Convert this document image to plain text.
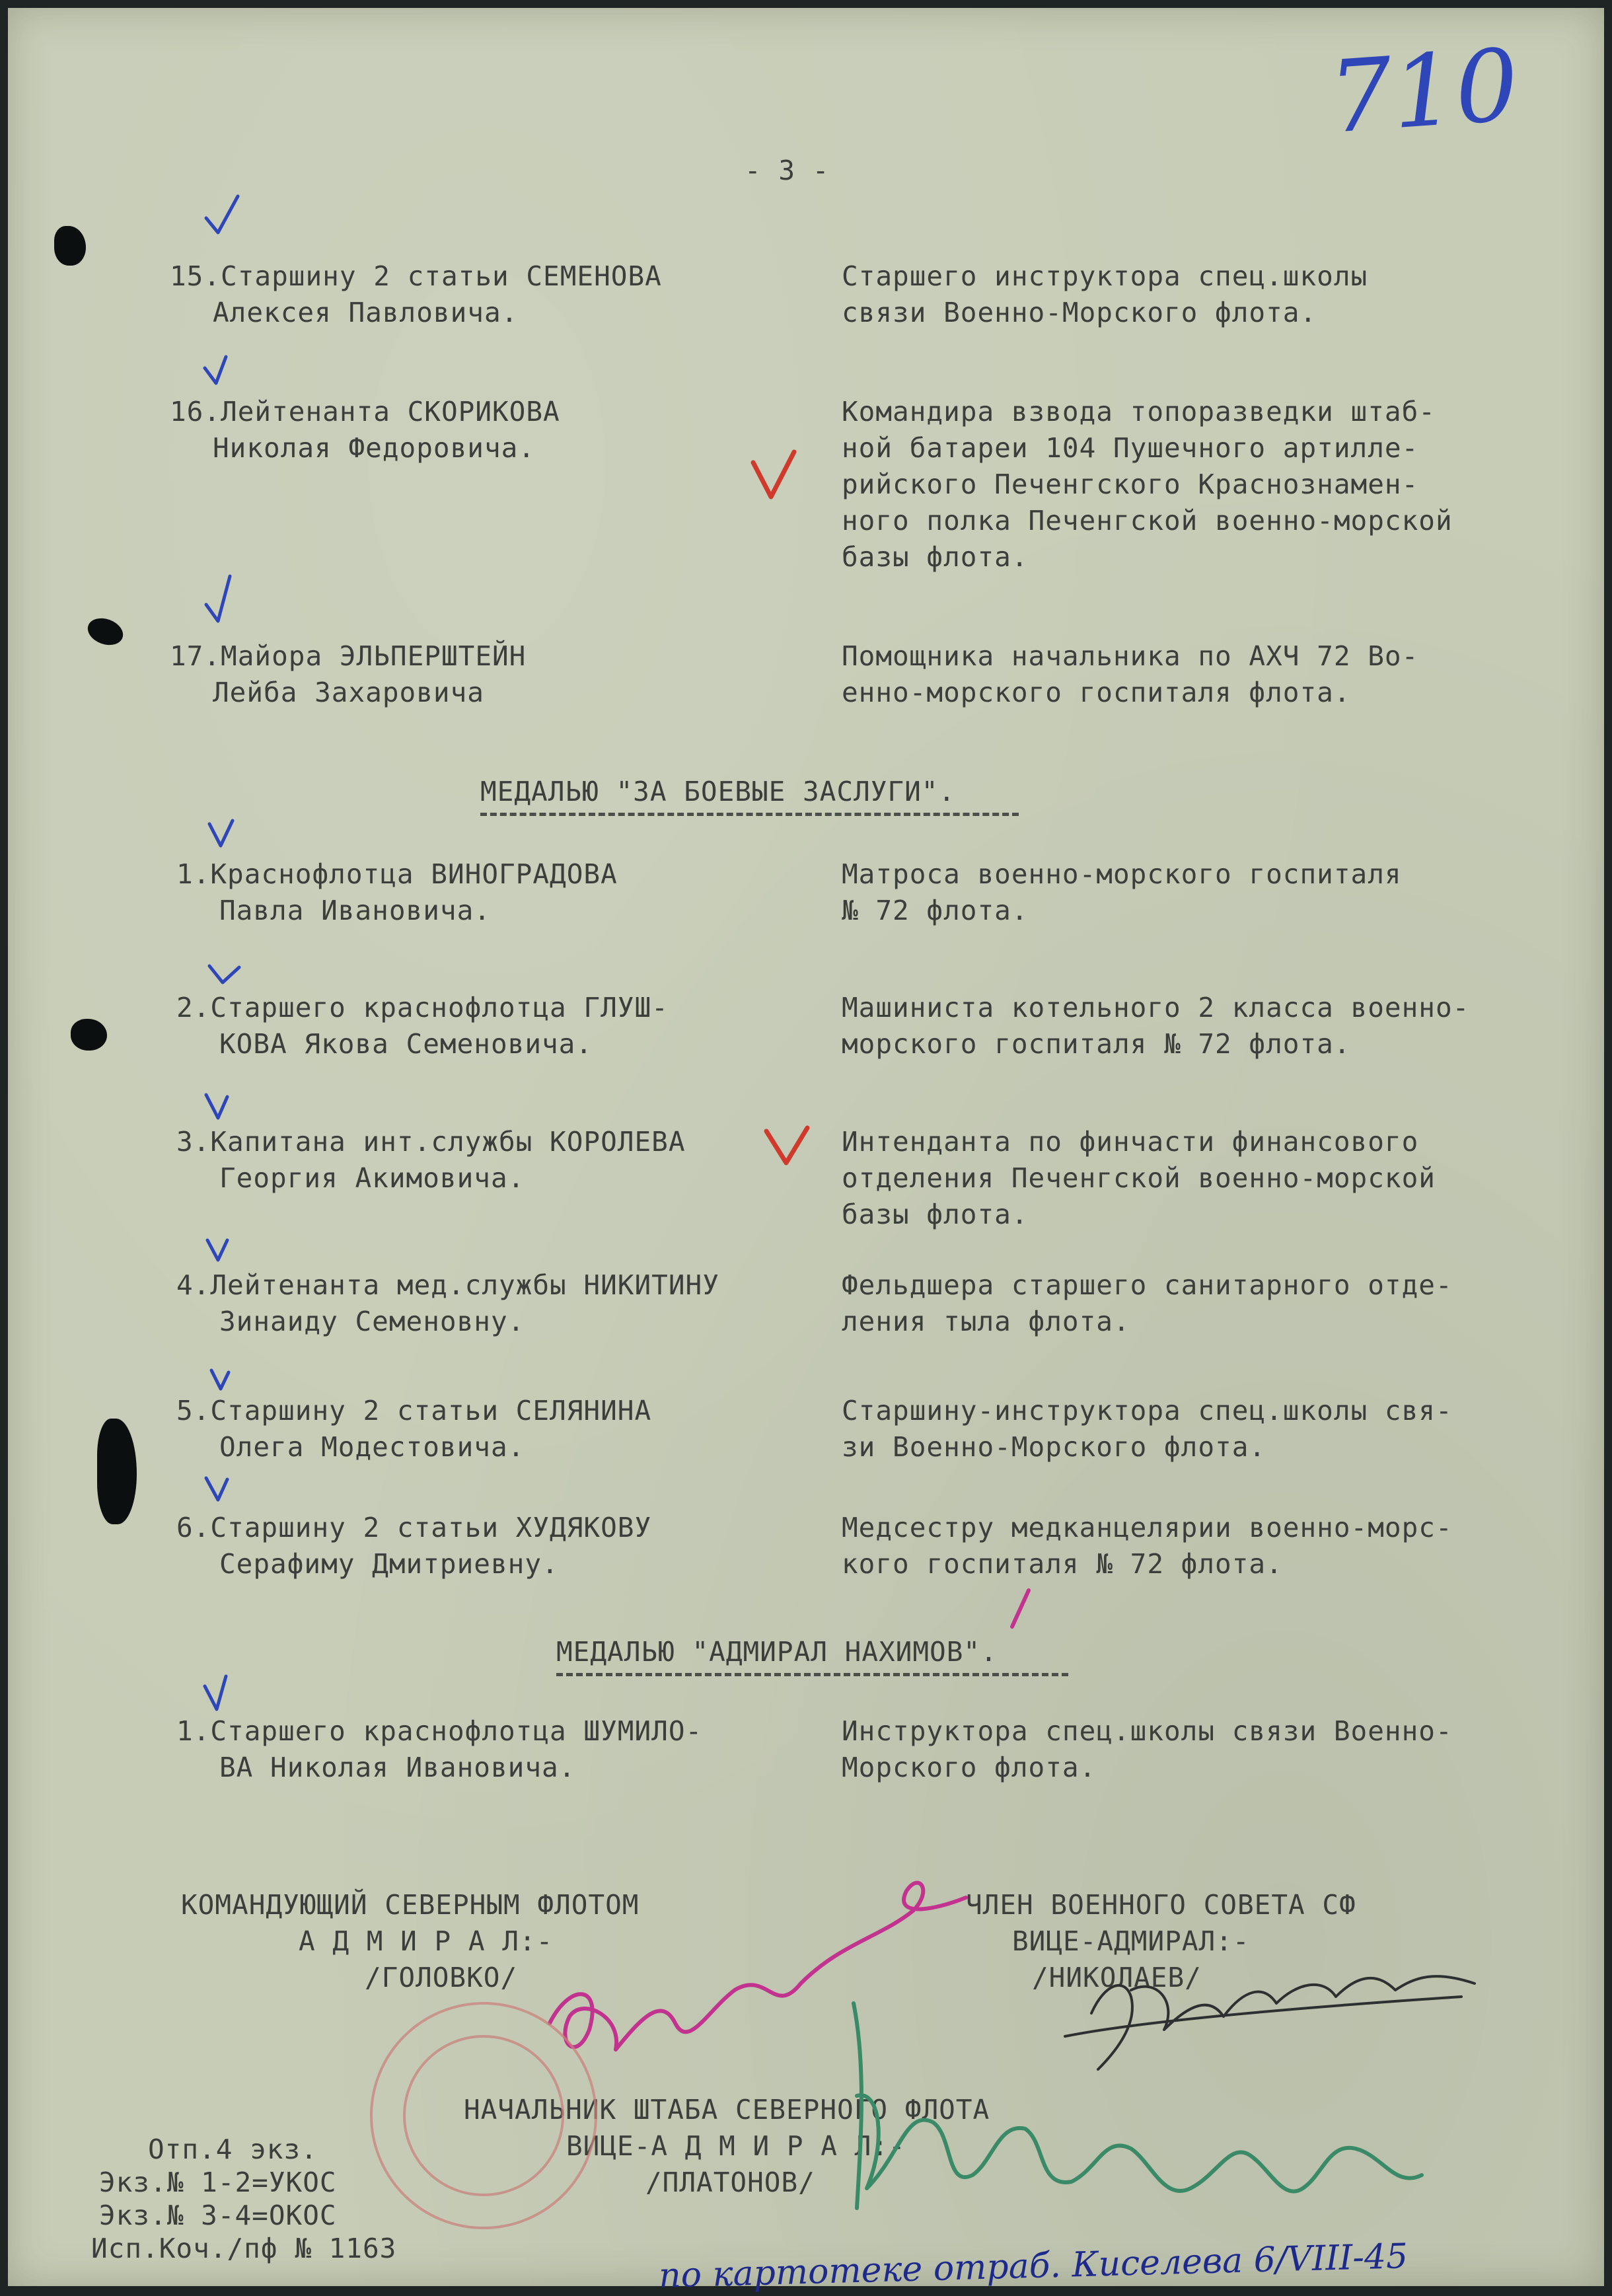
710
- 3 -
15.Старшину 2 статьи СЕМЕНОВА
Алексея Павловича.
Старшего инструктора спец.школы
связи Военно-Морского флота.
16.Лейтенанта СКОРИКОВА
Николая Федоровича.
Командира взвода топоразведки штаб-
ной батареи 104 Пушечного артилле-
рийского Печенгского Краснознамен-
ного полка Печенгской военно-морской
базы флота.
17.Майора ЭЛЬПЕРШТЕЙН
Лейба Захаровича
Помощника начальника по АХЧ 72 Во-
енно-морского госпиталя флота.
МЕДАЛЬЮ "ЗА БОЕВЫЕ ЗАСЛУГИ".
1.Краснофлотца ВИНОГРАДОВА
Павла Ивановича.
Матроса военно-морского госпиталя
№ 72 флота.
2.Старшего краснофлотца ГЛУШ-
КОВА Якова Семеновича.
Машиниста котельного 2 класса военно-
морского госпиталя № 72 флота.
3.Капитана инт.службы КОРОЛЕВА
Георгия Акимовича.
Интенданта по финчасти финансового
отделения Печенгской военно-морской
базы флота.
4.Лейтенанта мед.службы НИКИТИНУ
Зинаиду Семеновну.
Фельдшера старшего санитарного отде-
ления тыла флота.
5.Старшину 2 статьи СЕЛЯНИНА
Олега Модестовича.
Старшину-инструктора спец.школы свя-
зи Военно-Морского флота.
6.Старшину 2 статьи ХУДЯКОВУ
Серафиму Дмитриевну.
Медсестру медканцелярии военно-морс-
кого госпиталя № 72 флота.
МЕДАЛЬЮ "АДМИРАЛ НАХИМОВ".
1.Старшего краснофлотца ШУМИЛО-
ВА Николая Ивановича.
Инструктора спец.школы связи Военно-
Морского флота.
КОМАНДУЮЩИЙ СЕВЕРНЫМ ФЛОТОМ
А Д М И Р А Л:-
/ГОЛОВКО/
ЧЛЕН ВОЕННОГО СОВЕТА СФ
ВИЦЕ-АДМИРАЛ:-
/НИКОЛАЕВ/
НАЧАЛЬНИК ШТАБА СЕВЕРНОГО ФЛОТА
ВИЦЕ-А Д М И Р А Л:-
/ПЛАТОНОВ/
Отп.4 экз.
Экз.№ 1-2=УКОС
Экз.№ 3-4=ОКОС
Исп.Коч./пф № 1163	по картотеке отраб. Киселева 6/VIII-45
